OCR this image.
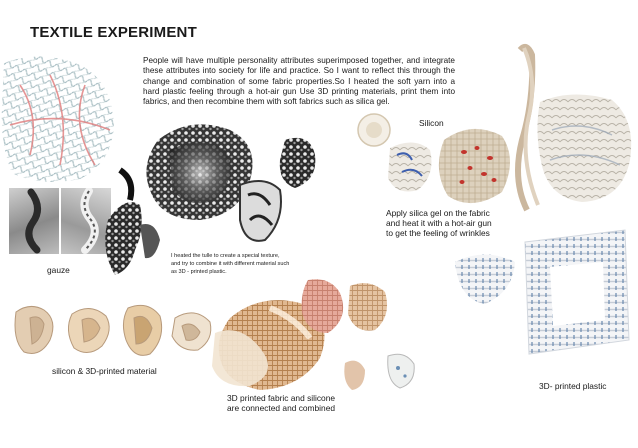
TEXTILE EXPERIMENT
People will have multiple personality attributes superimposed together, and integrate these attributes into society for life and practice. So I want to reflect this through the change and combination of some fabric properties.So I heated the soft yarn into a hard plastic feeling through a hot-air gun Use 3D printing materials, print them into fabrics, and then recombine them with soft fabrics such as silica gel.
gauze
I heated the tulle to create a special texture,
and try to combine it with different material such
as 3D - printed plastic.
silicon & 3D-printed material
3D printed fabric and silicone
are connected and combined
Silicon
Apply silica gel on the fabric
and heat it with a hot-air gun
to get the feeling of wrinkles
3D- printed plastic
